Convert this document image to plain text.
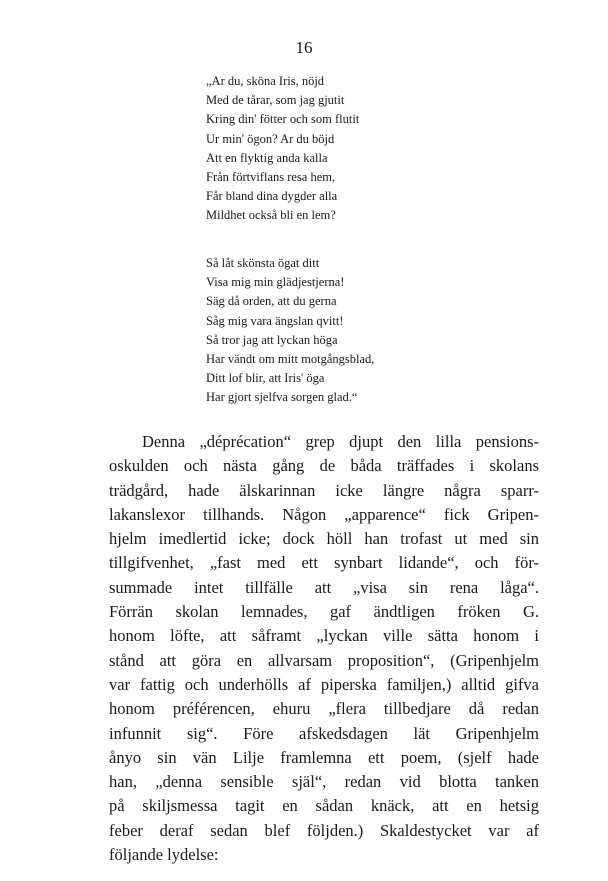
16
„Ar du, sköna Iris, nöjd
Med de tårar, som jag gjutit
Kring din' fötter och som flutit
Ur min' ögon? Ar du böjd
Att en flyktig anda kalla
Från förtviflans resa hem,
Får bland dina dygder alla
Mildhet också bli en lem?
Så låt skönsta ögat ditt
Visa mig min glädjestjerna!
Säg då orden, att du gerna
Såg mig vara ängslan qvitt!
Så tror jag att lyckan höga
Har vändt om mitt motgångsblad,
Ditt lof blir, att Iris' öga
Har gjort sjelfva sorgen glad.“
Denna „déprécation“ grep djupt den lilla pensions-
oskulden och nästa gång de båda träffades i skolans
trädgård, hade älskarinnan icke längre några sparr-
lakanslexor tillhands. Någon „apparence“ fick Gripen-
hjelm imedlertid icke; dock höll han trofast ut med sin
tillgifvenhet, „fast med ett synbart lidande“, och för-
summade intet tillfälle att „visa sin rena låga“.
Förrän skolan lemnades, gaf ändtligen fröken G.
honom löfte, att såframt „lyckan ville sätta honom i
stånd att göra en allvarsam proposition“, (Gripenhjelm
var fattig och underhölls af piperska familjen,) alltid gifva
honom préférencen, ehuru „flera tillbedjare då redan
infunnit sig“. Före afskedsdagen lät Gripenhjelm
ånyo sin vän Lilje framlemna ett poem, (sjelf hade
han, „denna sensible själ“, redan vid blotta tanken
på skiljsmessa tagit en sådan knäck, att en hetsig
feber deraf sedan blef följden.) Skaldestycket var af
följande lydelse:
